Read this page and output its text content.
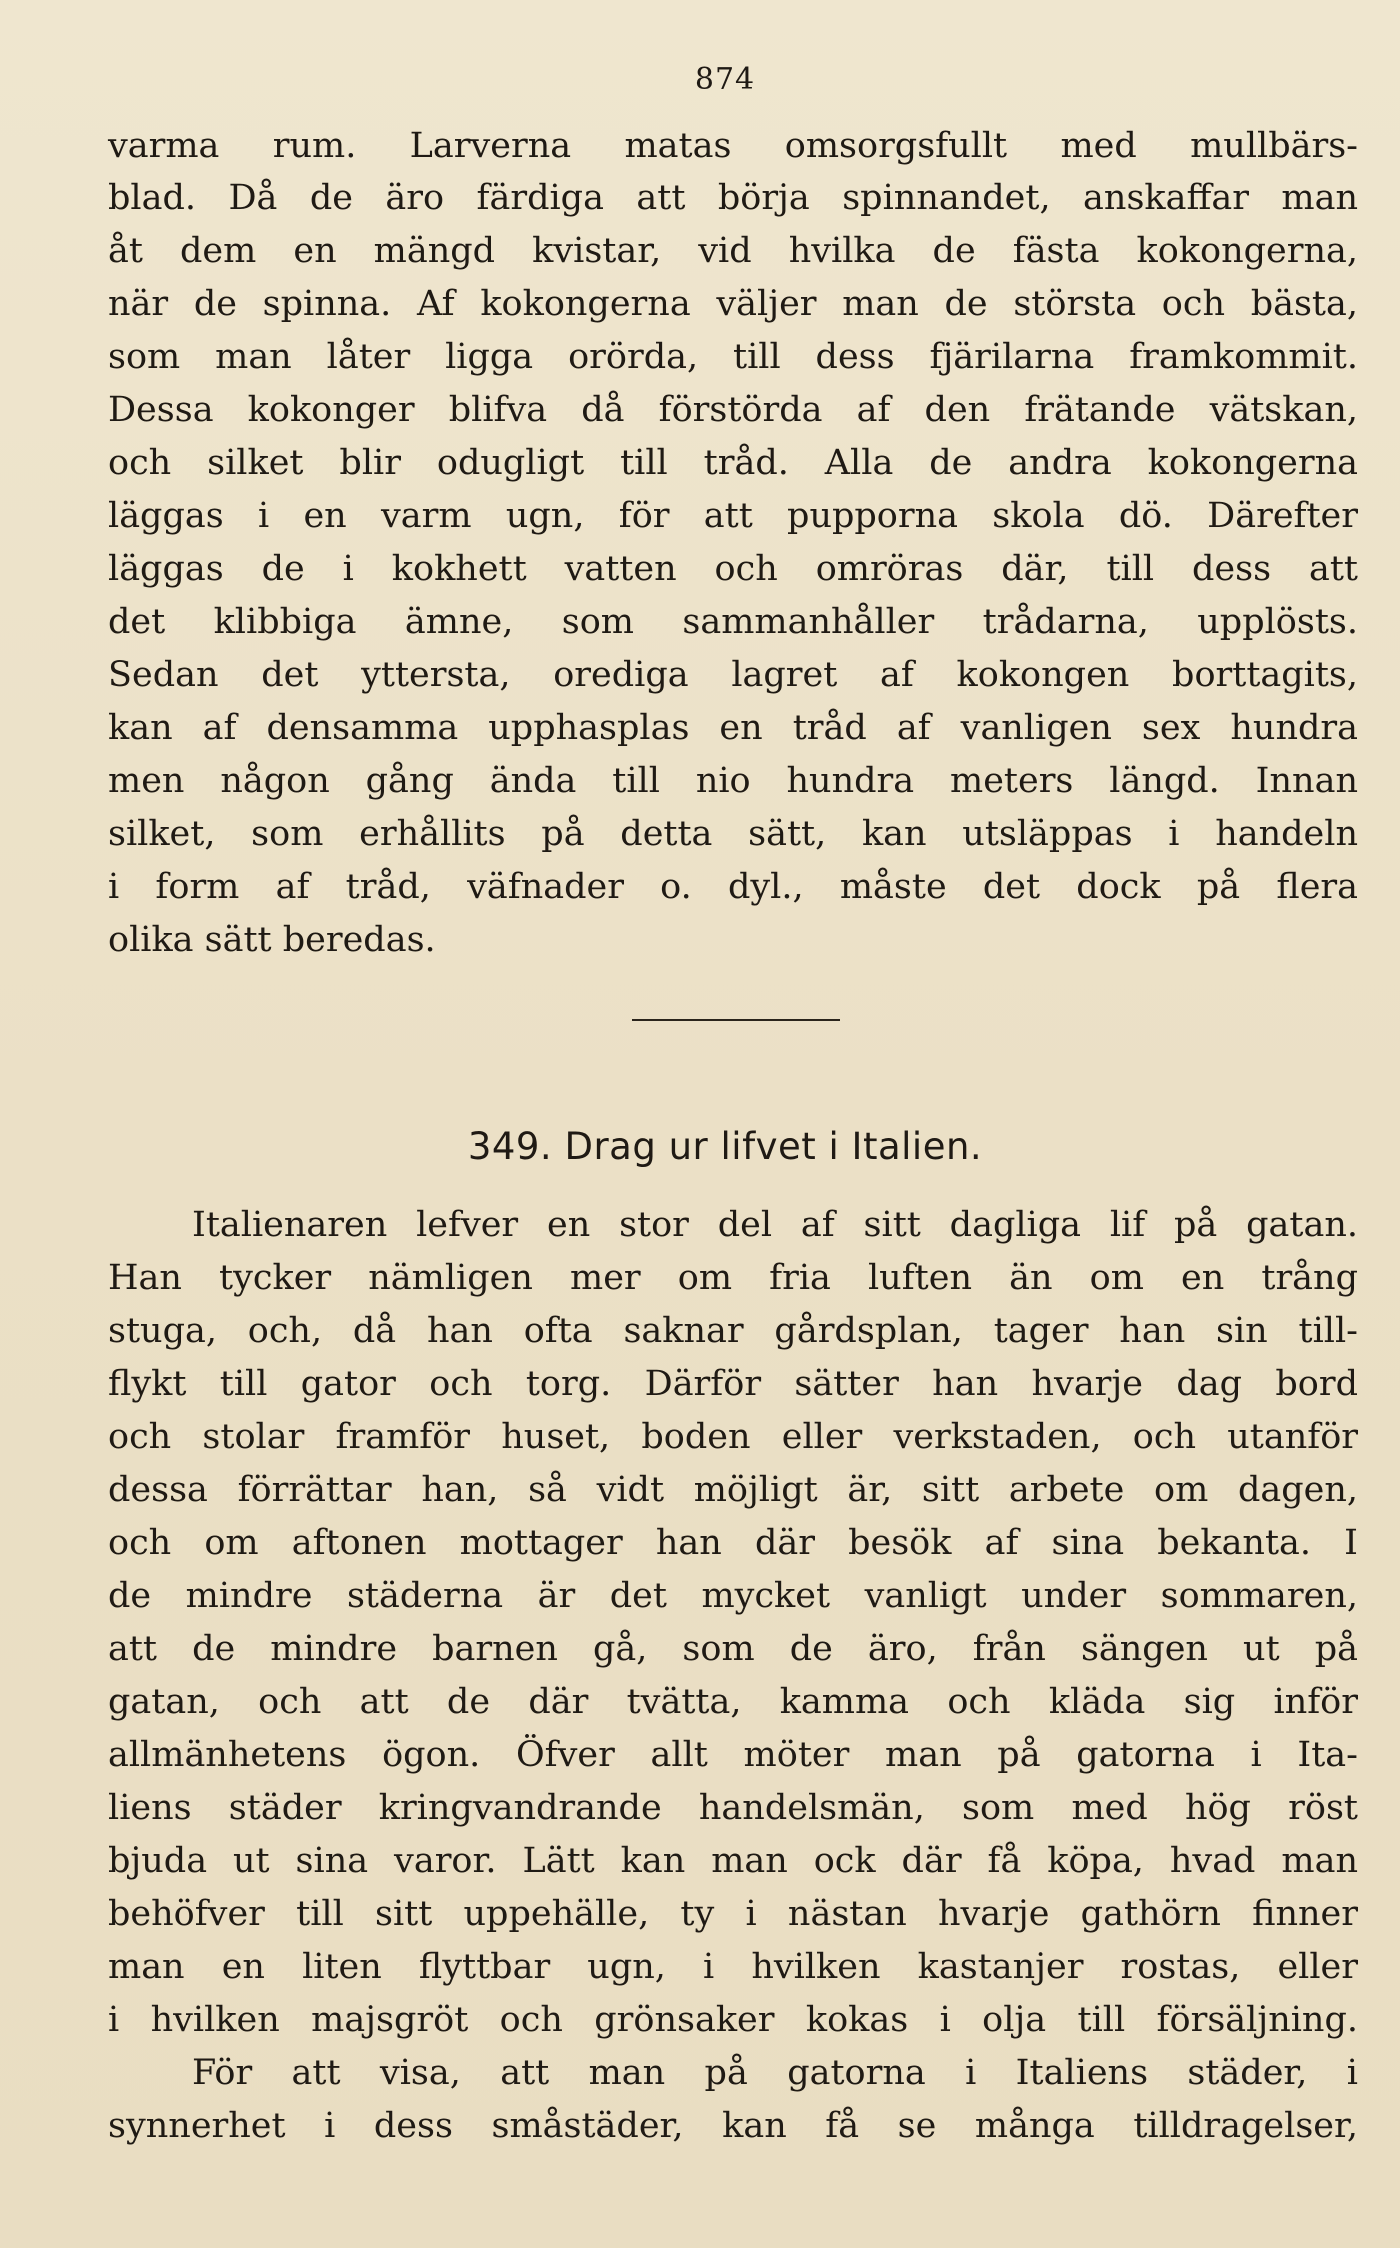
874
varma rum. Larverna matas omsorgsfullt med mullbärs-
blad. Då de äro färdiga att börja spinnandet, anskaffar man
åt dem en mängd kvistar, vid hvilka de fästa kokongerna,
när de spinna. Af kokongerna väljer man de största och bästa,
som man låter ligga orörda, till dess fjärilarna framkommit.
Dessa kokonger blifva då förstörda af den frätande vätskan,
och silket blir odugligt till tråd. Alla de andra kokongerna
läggas i en varm ugn, för att pupporna skola dö. Därefter
läggas de i kokhett vatten och omröras där, till dess att
det klibbiga ämne, som sammanhåller trådarna, upplösts.
Sedan det yttersta, orediga lagret af kokongen borttagits,
kan af densamma upphasplas en tråd af vanligen sex hundra
men någon gång ända till nio hundra meters längd. Innan
silket, som erhållits på detta sätt, kan utsläppas i handeln
i form af tråd, väfnader o. dyl., måste det dock på flera
olika sätt beredas.
349. Drag ur lifvet i Italien.
Italienaren lefver en stor del af sitt dagliga lif på gatan.
Han tycker nämligen mer om fria luften än om en trång
stuga, och, då han ofta saknar gårdsplan, tager han sin till-
flykt till gator och torg. Därför sätter han hvarje dag bord
och stolar framför huset, boden eller verkstaden, och utanför
dessa förrättar han, så vidt möjligt är, sitt arbete om dagen,
och om aftonen mottager han där besök af sina bekanta. I
de mindre städerna är det mycket vanligt under sommaren,
att de mindre barnen gå, som de äro, från sängen ut på
gatan, och att de där tvätta, kamma och kläda sig inför
allmänhetens ögon. Öfver allt möter man på gatorna i Ita-
liens städer kringvandrande handelsmän, som med hög röst
bjuda ut sina varor. Lätt kan man ock där få köpa, hvad man
behöfver till sitt uppehälle, ty i nästan hvarje gathörn finner
man en liten flyttbar ugn, i hvilken kastanjer rostas, eller
i hvilken majsgröt och grönsaker kokas i olja till försäljning.
För att visa, att man på gatorna i Italiens städer, i
synnerhet i dess småstäder, kan få se många tilldragelser,
